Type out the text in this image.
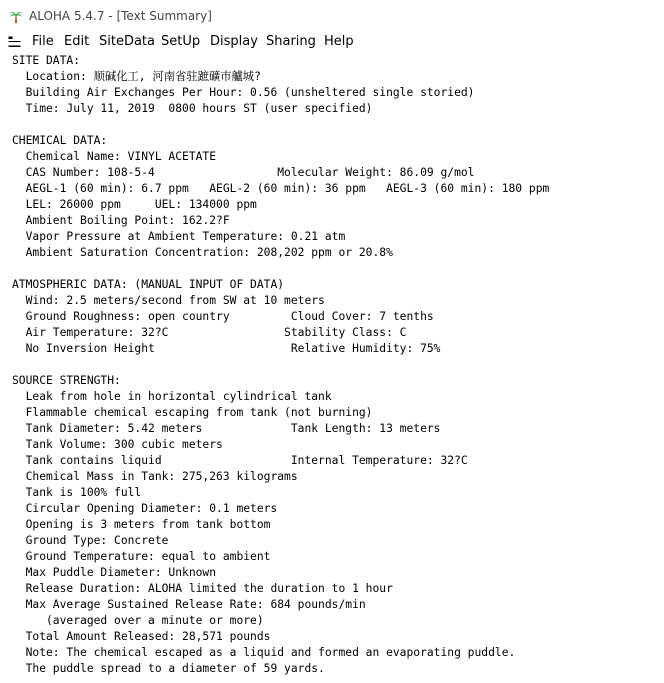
ALOHA 5.4.7 - [Text Summary]
File Edit SiteData SetUp Display Sharing Help
SITE DATA:
Location: 顺碱化工, 河南省驻蹠礦市艫城?
Building Air Exchanges Per Hour: 0.56 (unsheltered single storied)
Time: July 11, 2019  0800 hours ST (user specified)
CHEMICAL DATA:
Chemical Name: VINYL ACETATE
CAS Number: 108-5-4                  Molecular Weight: 86.09 g/mol
AEGL-1 (60 min): 6.7 ppm   AEGL-2 (60 min): 36 ppm   AEGL-3 (60 min): 180 ppm
LEL: 26000 ppm     UEL: 134000 ppm
Ambient Boiling Point: 162.2?F
Vapor Pressure at Ambient Temperature: 0.21 atm
Ambient Saturation Concentration: 208,202 ppm or 20.8%
ATMOSPHERIC DATA: (MANUAL INPUT OF DATA)
Wind: 2.5 meters/second from SW at 10 meters
Ground Roughness: open country         Cloud Cover: 7 tenths
Air Temperature: 32?C                 Stability Class: C
No Inversion Height                    Relative Humidity: 75%
SOURCE STRENGTH:
Leak from hole in horizontal cylindrical tank
Flammable chemical escaping from tank (not burning)
Tank Diameter: 5.42 meters             Tank Length: 13 meters
Tank Volume: 300 cubic meters
Tank contains liquid                   Internal Temperature: 32?C
Chemical Mass in Tank: 275,263 kilograms
Tank is 100% full
Circular Opening Diameter: 0.1 meters
Opening is 3 meters from tank bottom
Ground Type: Concrete
Ground Temperature: equal to ambient
Max Puddle Diameter: Unknown
Release Duration: ALOHA limited the duration to 1 hour
Max Average Sustained Release Rate: 684 pounds/min
(averaged over a minute or more)
Total Amount Released: 28,571 pounds
Note: The chemical escaped as a liquid and formed an evaporating puddle.
The puddle spread to a diameter of 59 yards.
